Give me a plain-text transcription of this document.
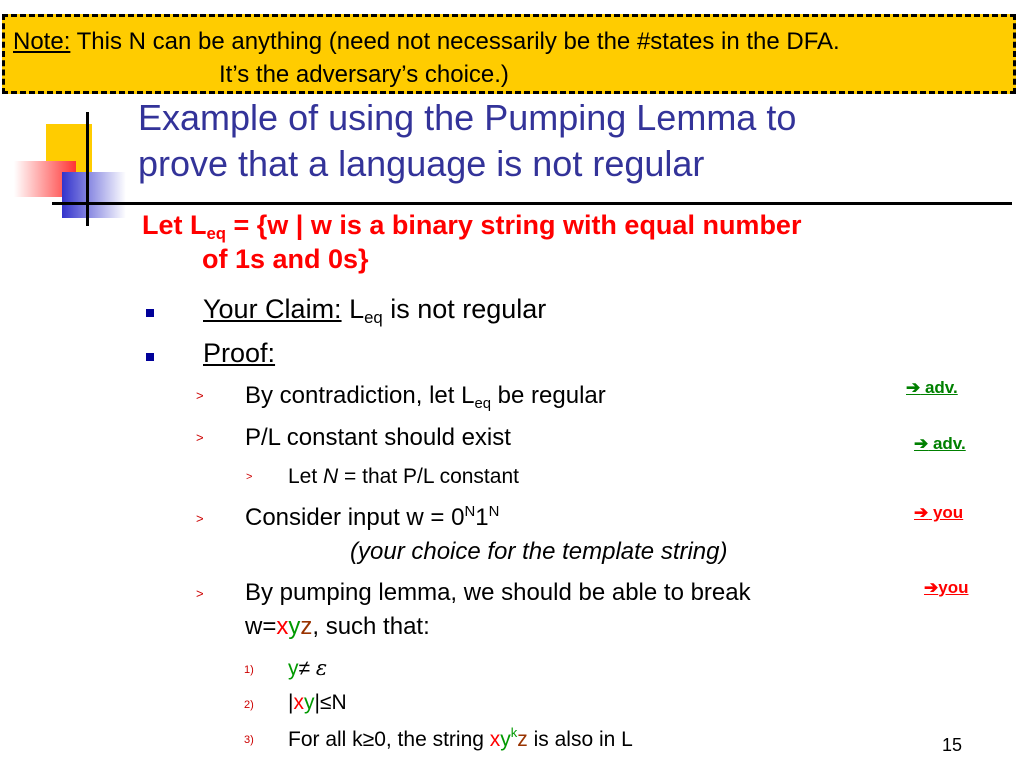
Note: This N can be anything (need not necessarily be the #states in the DFA.
It’s the adversary’s choice.)
Example of using the Pumping Lemma to
prove that a language is not regular
Let $L_{eq} = \{w$ | w is a binary string with equal number
of 1s and 0s}
Your Claim: $L_{eq}$ is not regular
Proof:
> By contradiction, let $L_{eq}$ be regular
> P/L constant should exist
> Let N = that P/L constant
> Consider input $w = 0^N1^N$
(your choice for the template string)
> By pumping lemma, we should be able to break
w=xyz, such that:
1) y≠ ε
2) |xy|≤N
3) For all k≥0, the string $xy^kz$ is also in L
➔ adv.
➔ adv.
➔ you
➔you
15
